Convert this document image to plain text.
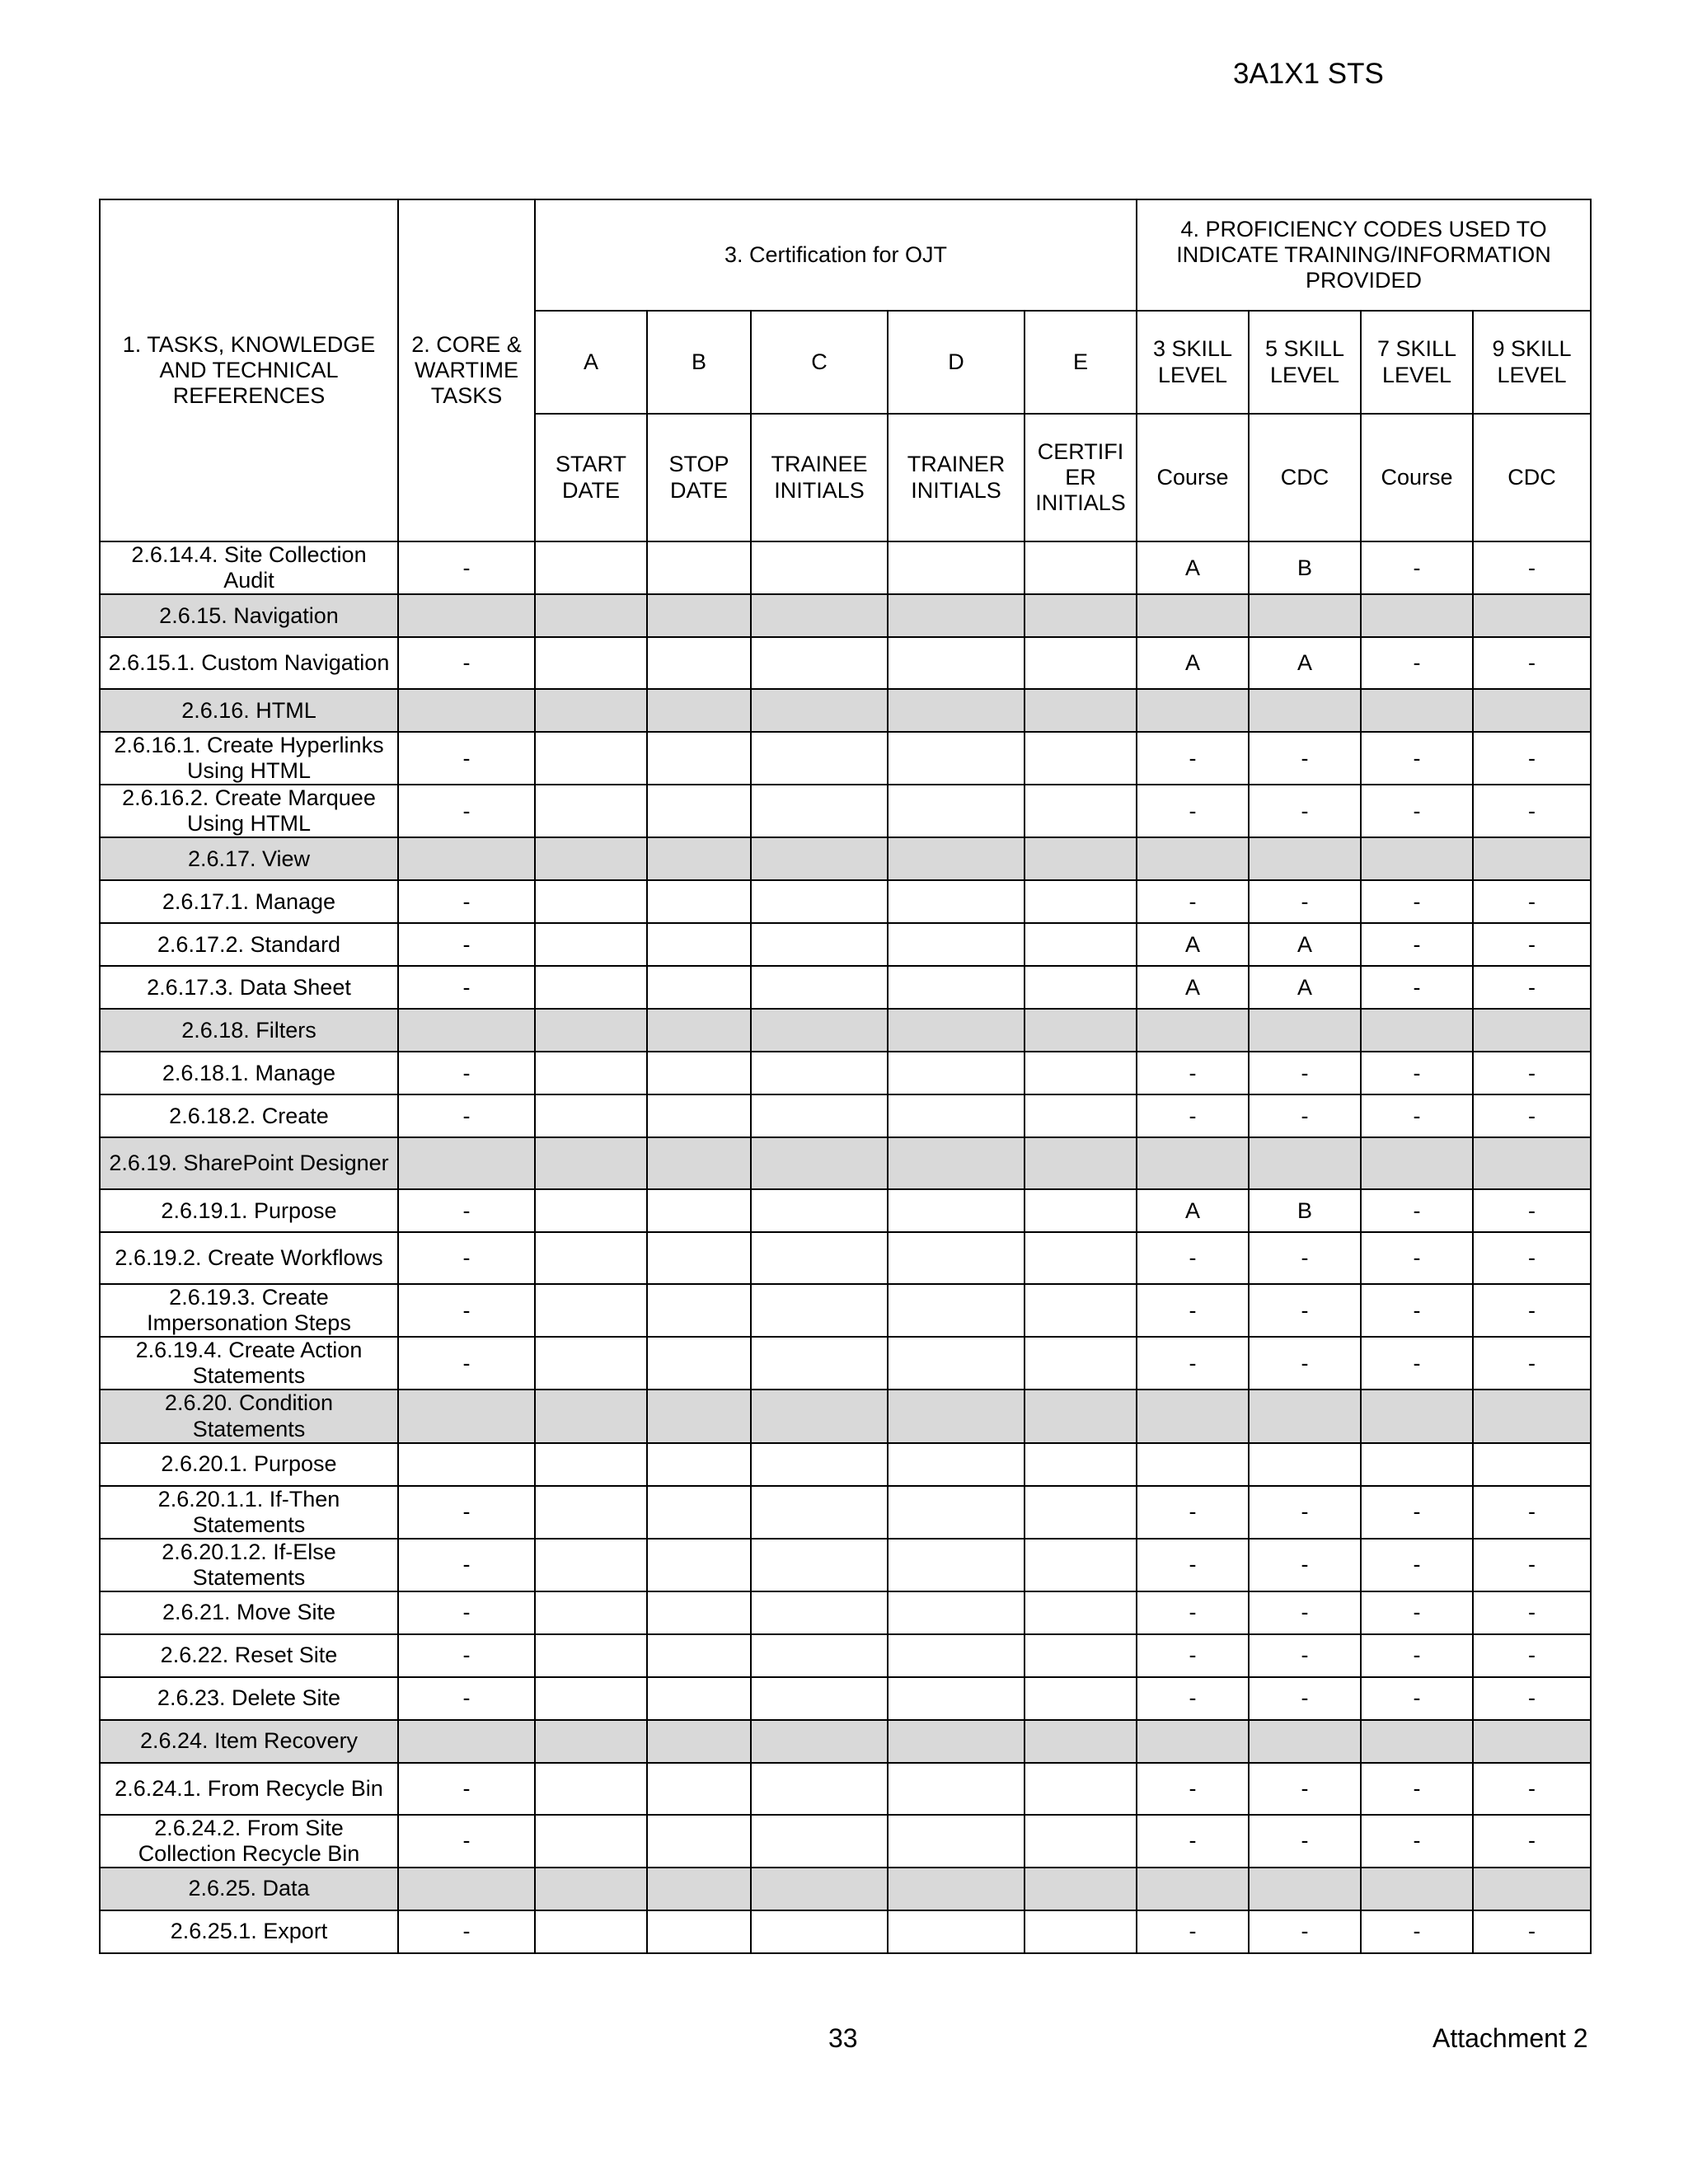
3A1X1 STS
1. TASKS, KNOWLEDGE AND TECHNICAL REFERENCES	2. CORE & WARTIME TASKS	3. Certification for OJT					4. PROFICIENCY CODES USED TO INDICATE TRAINING/INFORMATION PROVIDED			
		A	B	C	D	E	3 SKILL LEVEL	5 SKILL LEVEL	7 SKILL LEVEL	9 SKILL LEVEL
		START DATE	STOP DATE	TRAINEE INITIALS	TRAINER INITIALS	CERTIFI ER INITIALS	Course	CDC	Course	CDC
2.6.14.4. Site Collection Audit	-						A	B	-	-
2.6.15. Navigation										
2.6.15.1. Custom Navigation	-						A	A	-	-
2.6.16. HTML										
2.6.16.1. Create Hyperlinks Using HTML	-						-	-	-	-
2.6.16.2. Create Marquee Using HTML	-						-	-	-	-
2.6.17. View										
2.6.17.1. Manage	-						-	-	-	-
2.6.17.2. Standard	-						A	A	-	-
2.6.17.3. Data Sheet	-						A	A	-	-
2.6.18. Filters										
2.6.18.1. Manage	-						-	-	-	-
2.6.18.2. Create	-						-	-	-	-
2.6.19. SharePoint Designer										
2.6.19.1. Purpose	-						A	B	-	-
2.6.19.2. Create Workflows	-						-	-	-	-
2.6.19.3. Create Impersonation Steps	-						-	-	-	-
2.6.19.4. Create Action Statements	-						-	-	-	-
2.6.20. Condition Statements										
2.6.20.1. Purpose										
2.6.20.1.1. If-Then Statements	-						-	-	-	-
2.6.20.1.2. If-Else Statements	-						-	-	-	-
2.6.21. Move Site	-						-	-	-	-
2.6.22. Reset Site	-						-	-	-	-
2.6.23. Delete Site	-						-	-	-	-
2.6.24. Item Recovery										
2.6.24.1. From Recycle Bin	-						-	-	-	-
2.6.24.2. From Site Collection Recycle Bin	-						-	-	-	-
2.6.25. Data										
2.6.25.1. Export	-						-	-	-	-
33	Attachment 2
